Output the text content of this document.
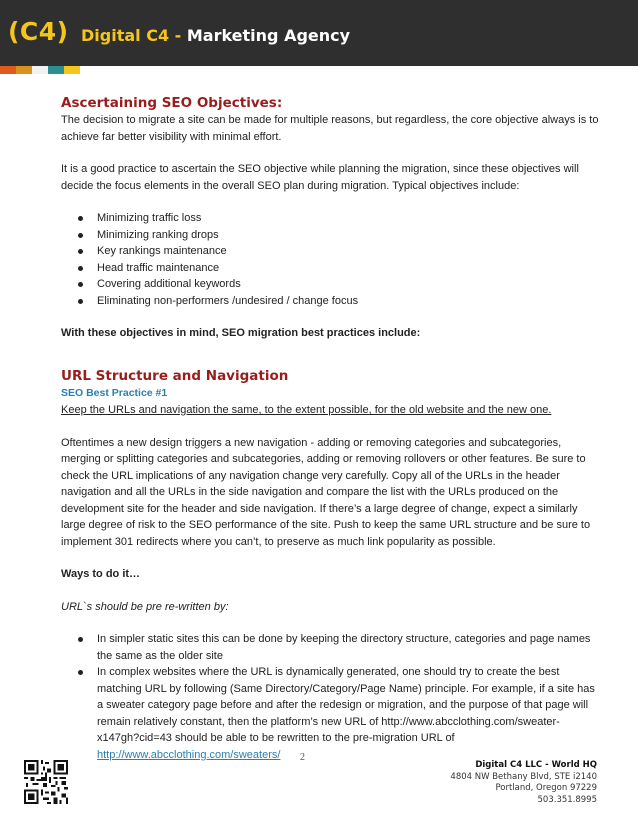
(C4) Digital C4 - Marketing Agency
Ascertaining SEO Objectives:

The decision to migrate a site can be made for multiple reasons, but regardless, the core objective always is to achieve far better visibility with minimal effort.

It is a good practice to ascertain the SEO objective while planning the migration, since these objectives will decide the focus elements in the overall SEO plan during migration. Typical objectives include:

Minimizing traffic loss
Minimizing ranking drops
Key rankings maintenance
Head traffic maintenance
Covering additional keywords
Eliminating non-performers /undesired / change focus

With these objectives in mind, SEO migration best practices include:

URL Structure and Navigation

SEO Best Practice #1

Keep the URLs and navigation the same, to the extent possible, for the old website and the new one.

Oftentimes a new design triggers a new navigation - adding or removing categories and subcategories, merging or splitting categories and subcategories, adding or removing rollovers or other features. Be sure to check the URL implications of any navigation change very carefully. Copy all of the URLs in the header navigation and all the URLs in the side navigation and compare the list with the URLs produced on the development site for the header and side navigation. If there’s a large degree of change, expect a similarly large degree of risk to the SEO performance of the site. Push to keep the same URL structure and be sure to implement 301 redirects where you can’t, to preserve as much link popularity as possible.

Ways to do it…

URL`s should be pre re-written by:

In simpler static sites this can be done by keeping the directory structure, categories and page names the same as the older site
In complex websites where the URL is dynamically generated, one should try to create the best matching URL by following (Same Directory/Category/Page Name) principle. For example, if a site has a sweater category page before and after the redesign or migration, and the purpose of that page will remain relatively constant, then the platform’s new URL of http://www.abcclothing.com/sweater-x147gh?cid=43 should be able to be rewritten to the pre-migration URL of http://www.abcclothing.com/sweaters/	2
Digital C4 LLC - World HQ
4804 NW Bethany Blvd, STE i2140
Portland, Oregon 97229
503.351.8995
